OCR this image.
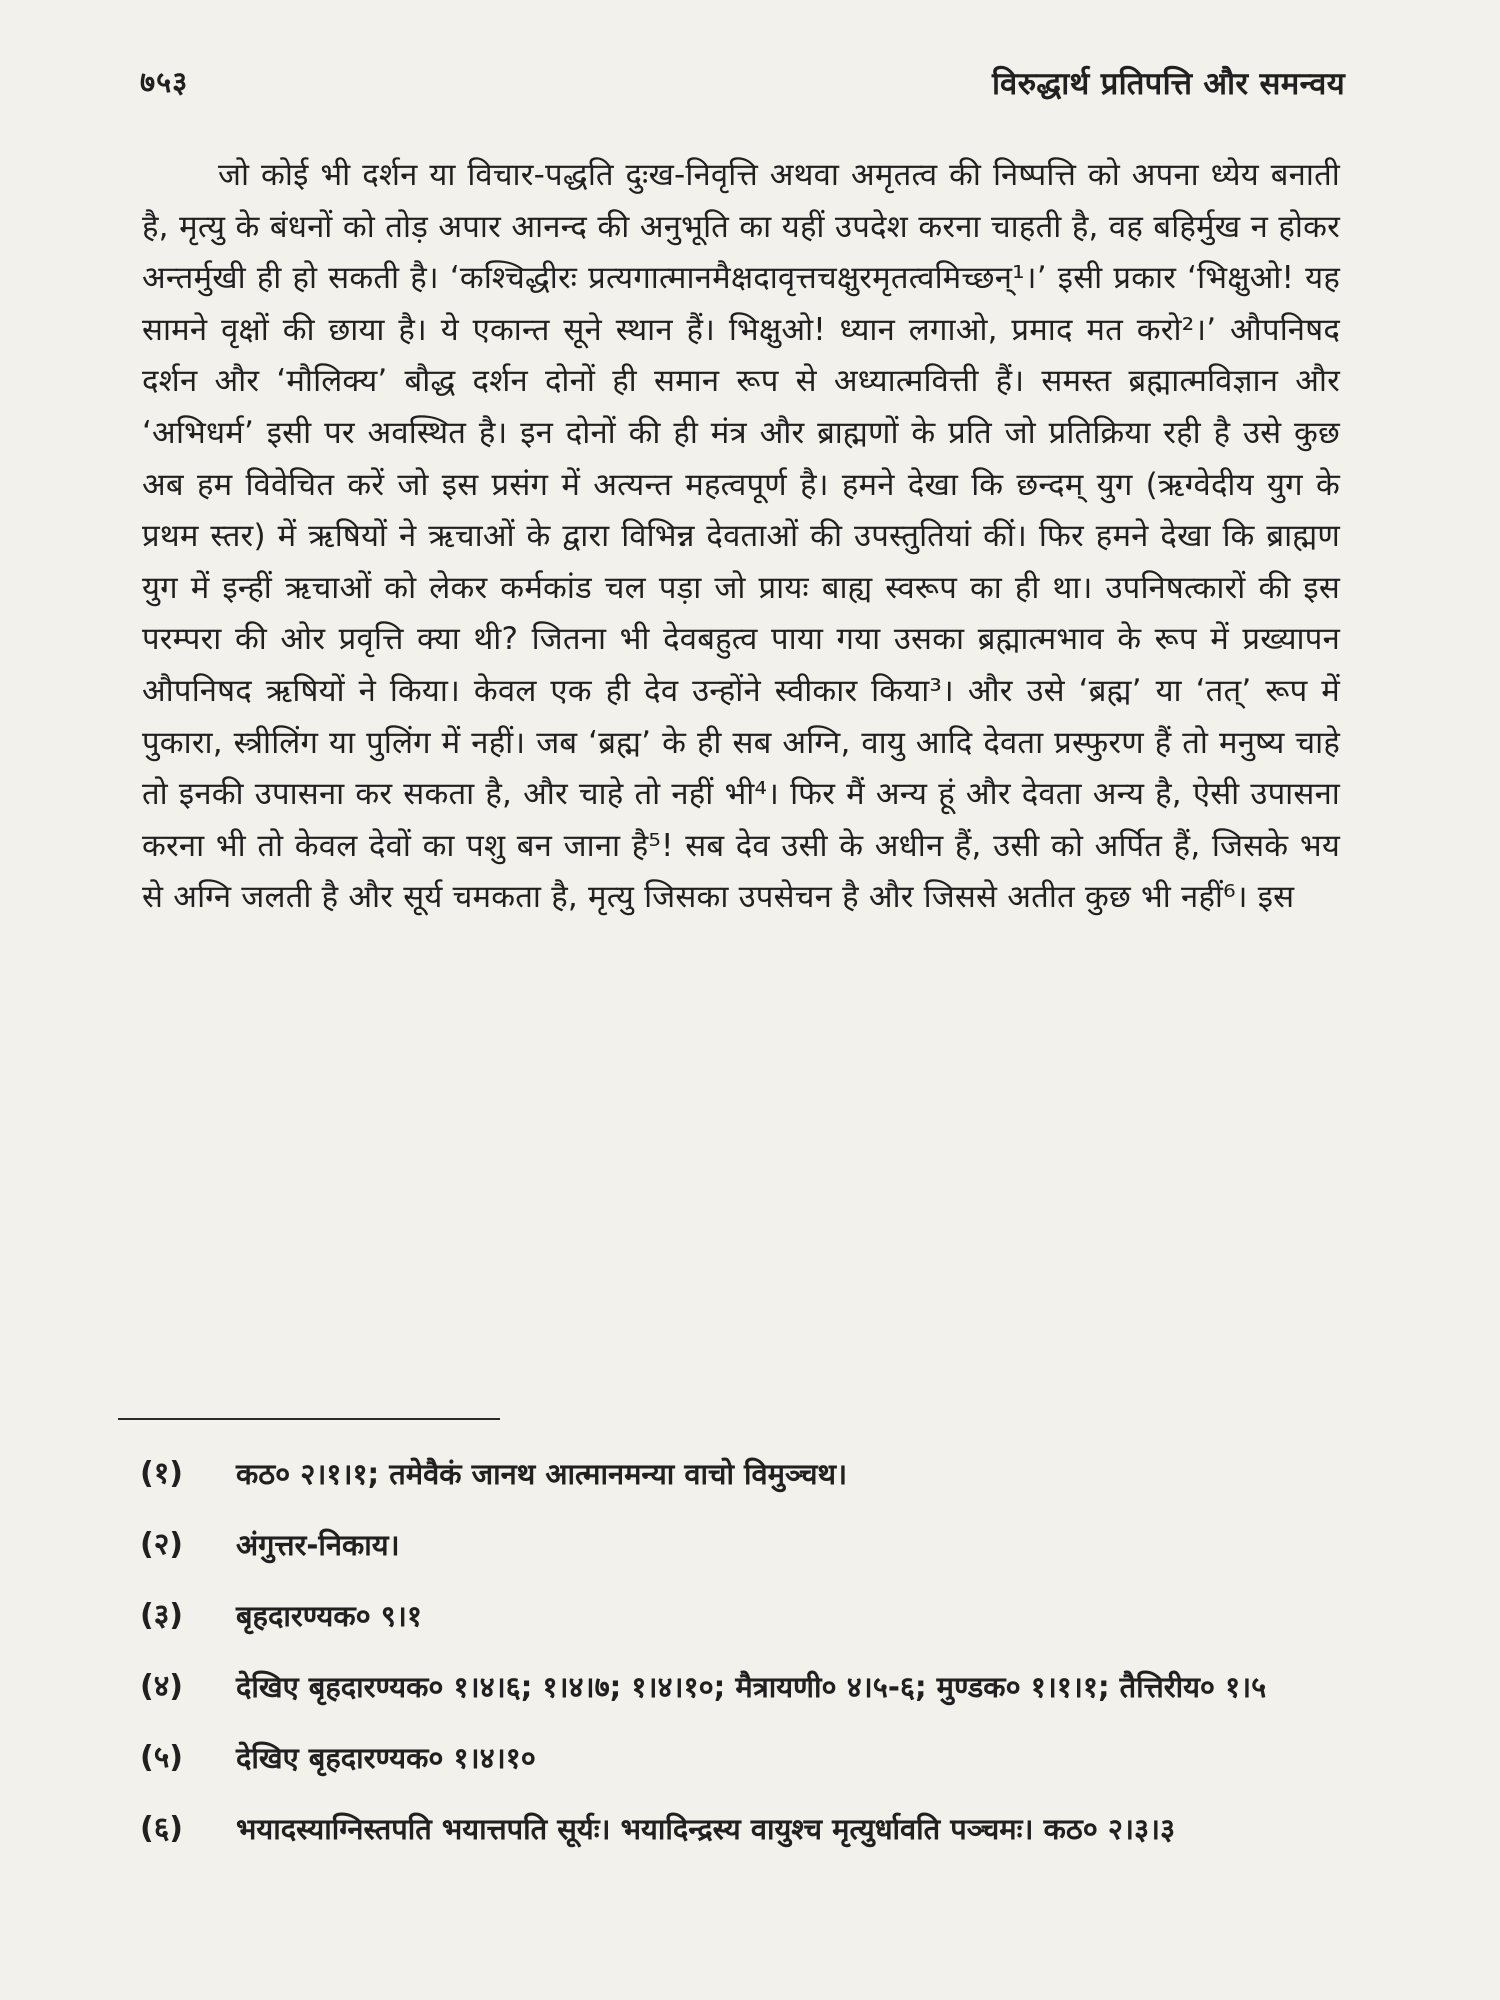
७५३	विरुद्धार्थ प्रतिपत्ति और समन्वय

जो कोई भी दर्शन या विचार-पद्धति दुःख-निवृत्ति अथवा अमृतत्व की निष्पत्ति को अपना ध्येय बनाती है, मृत्यु के बंधनों को तोड़ अपार आनन्द की अनुभूति का यहीं उपदेश करना चाहती है, वह बहिर्मुख न होकर अन्तर्मुखी ही हो सकती है। ‘कश्चिद्धीरः प्रत्यगात्मानमैक्षदावृत्तचक्षुरमृतत्वमिच्छन्¹।’ इसी प्रकार ‘भिक्षुओ! यह सामने वृक्षों की छाया है। ये एकान्त सूने स्थान हैं। भिक्षुओ! ध्यान लगाओ, प्रमाद मत करो²।’ औपनिषद दर्शन और ‘मौलिक्य’ बौद्ध दर्शन दोनों ही समान रूप से अध्यात्मवित्ती हैं। समस्त ब्रह्मात्मविज्ञान और ‘अभिधर्म’ इसी पर अवस्थित है। इन दोनों की ही मंत्र और ब्राह्मणों के प्रति जो प्रतिक्रिया रही है उसे कुछ अब हम विवेचित करें जो इस प्रसंग में अत्यन्त महत्वपूर्ण है। हमने देखा कि छन्दम् युग (ऋग्वेदीय युग के प्रथम स्तर) में ऋषियों ने ऋचाओं के द्वारा विभिन्न देवताओं की उपस्तुतियां कीं। फिर हमने देखा कि ब्राह्मण युग में इन्हीं ऋचाओं को लेकर कर्मकांड चल पड़ा जो प्रायः बाह्य स्वरूप का ही था। उपनिषत्कारों की इस परम्परा की ओर प्रवृत्ति क्या थी? जितना भी देवबहुत्व पाया गया उसका ब्रह्मात्मभाव के रूप में प्रख्यापन औपनिषद ऋषियों ने किया। केवल एक ही देव उन्होंने स्वीकार किया³। और उसे ‘ब्रह्म’ या ‘तत्’ रूप में पुकारा, स्त्रीलिंग या पुलिंग में नहीं। जब ‘ब्रह्म’ के ही सब अग्नि, वायु आदि देवता प्रस्फुरण हैं तो मनुष्य चाहे तो इनकी उपासना कर सकता है, और चाहे तो नहीं भी⁴। फिर मैं अन्य हूं और देवता अन्य है, ऐसी उपासना करना भी तो केवल देवों का पशु बन जाना है⁵! सब देव उसी के अधीन हैं, उसी को अर्पित हैं, जिसके भय से अग्नि जलती है और सूर्य चमकता है, मृत्यु जिसका उपसेचन है और जिससे अतीत कुछ भी नहीं⁶। इस

(१)	कठ० २।१।१; तमेवैकं जानथ आत्मानमन्या वाचो विमुञ्चथ।
(२)	अंगुत्तर-निकाय।
(३)	बृहदारण्यक० ९।१
(४)	देखिए बृहदारण्यक० १।४।६; १।४।७; १।४।१०; मैत्रायणी० ४।५-६; मुण्डक० १।१।१; तैत्तिरीय० १।५
(५)	देखिए बृहदारण्यक० १।४।१०
(६)	भयादस्याग्निस्तपति भयात्तपति सूर्यः। भयादिन्द्रस्य वायुश्च मृत्युर्धावति पञ्चमः। कठ० २।३।३
